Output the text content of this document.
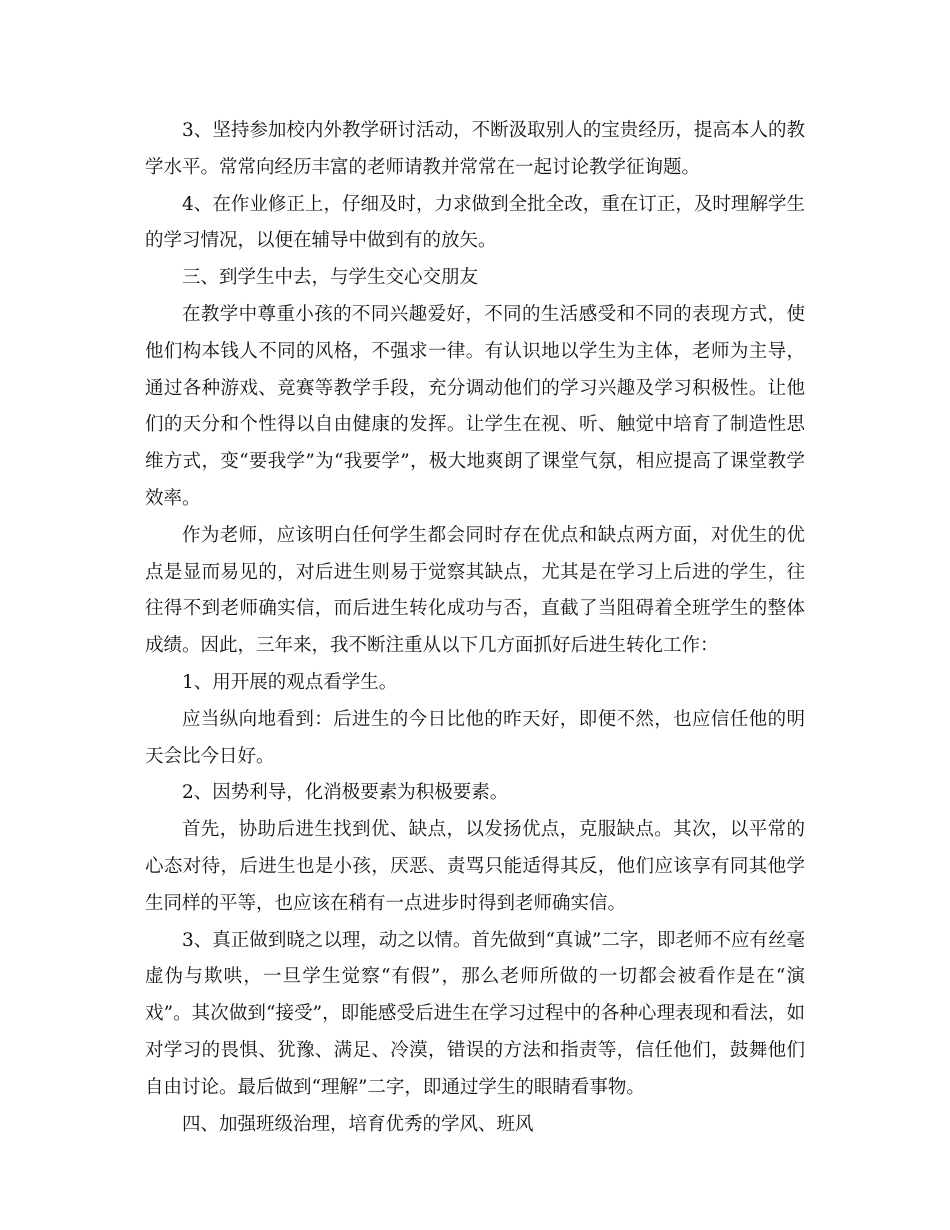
3、坚持参加校内外教学研讨活动，不断汲取别人的宝贵经历，提高本人的教学水平。常常向经历丰富的老师请教并常常在一起讨论教学征询题。

4、在作业修正上，仔细及时，力求做到全批全改，重在订正，及时理解学生的学习情况，以便在辅导中做到有的放矢。

三、到学生中去，与学生交心交朋友

在教学中尊重小孩的不同兴趣爱好，不同的生活感受和不同的表现方式，使他们构本钱人不同的风格，不强求一律。有认识地以学生为主体，老师为主导，通过各种游戏、竞赛等教学手段，充分调动他们的学习兴趣及学习积极性。让他们的天分和个性得以自由健康的发挥。让学生在视、听、触觉中培育了制造性思维方式，变“要我学”为“我要学”，极大地爽朗了课堂气氛，相应提高了课堂教学效率。

作为老师，应该明白任何学生都会同时存在优点和缺点两方面，对优生的优点是显而易见的，对后进生则易于觉察其缺点，尤其是在学习上后进的学生，往往得不到老师确实信，而后进生转化成功与否，直截了当阻碍着全班学生的整体成绩。因此，三年来，我不断注重从以下几方面抓好后进生转化工作：

1、用开展的观点看学生。

应当纵向地看到：后进生的今日比他的昨天好，即便不然，也应信任他的明天会比今日好。

2、因势利导，化消极要素为积极要素。

首先，协助后进生找到优、缺点，以发扬优点，克服缺点。其次，以平常的心态对待，后进生也是小孩，厌恶、责骂只能适得其反，他们应该享有同其他学生同样的平等，也应该在稍有一点进步时得到老师确实信。

3、真正做到晓之以理，动之以情。首先做到“真诚”二字，即老师不应有丝毫虚伪与欺哄，一旦学生觉察“有假”，那么老师所做的一切都会被看作是在“演戏”。其次做到“接受”，即能感受后进生在学习过程中的各种心理表现和看法，如对学习的畏惧、犹豫、满足、冷漠，错误的方法和指责等，信任他们，鼓舞他们自由讨论。最后做到“理解”二字，即通过学生的眼睛看事物。

四、加强班级治理，培育优秀的学风、班风
